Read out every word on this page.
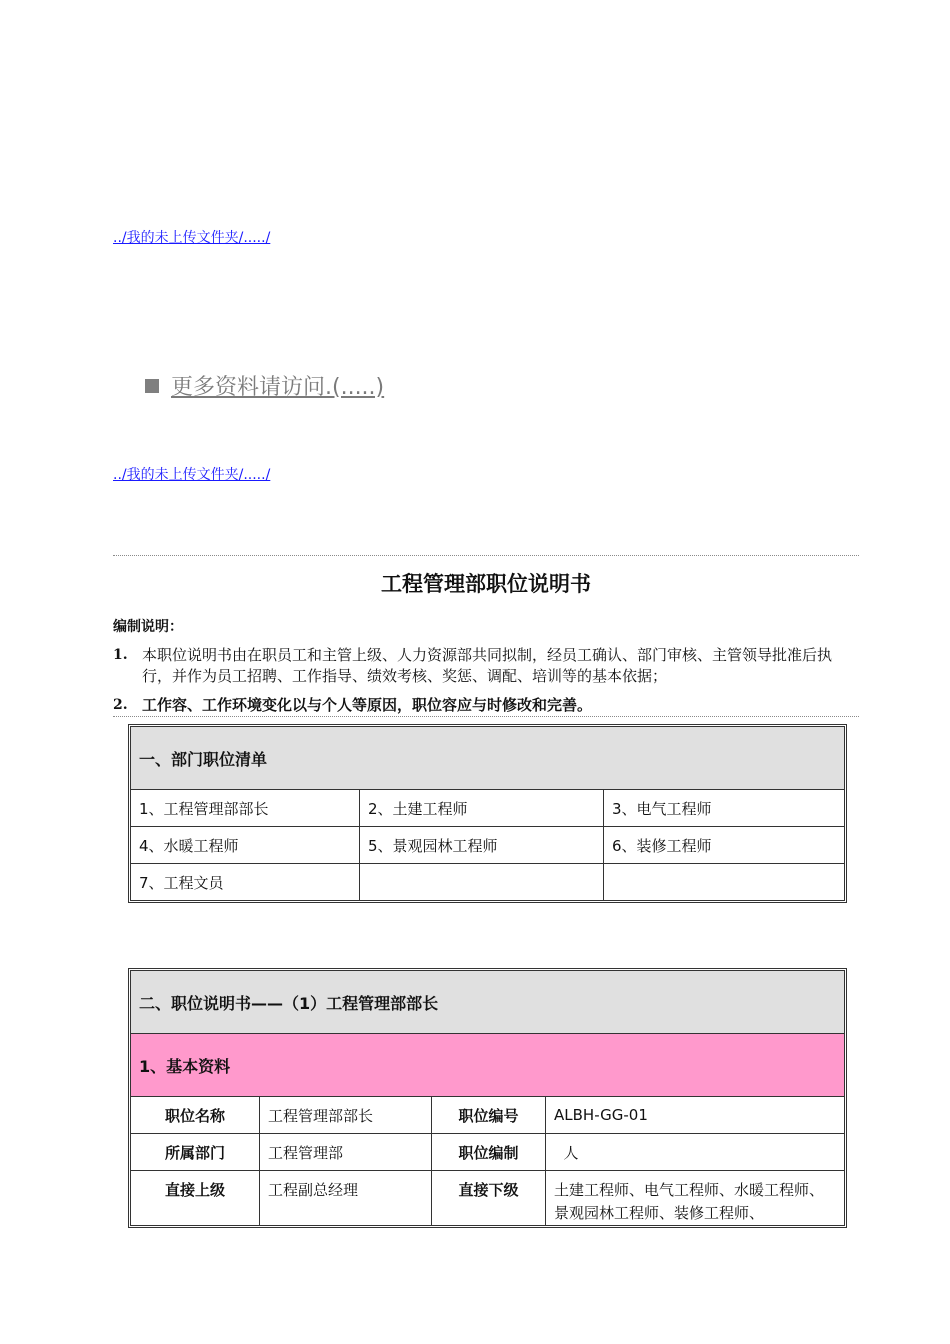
../我的未上传文件夹/...../
更多资料请访问.(.....)
../我的未上传文件夹/...../
工程管理部职位说明书
编制说明：
1. 本职位说明书由在职员工和主管上级、人力资源部共同拟制，经员工确认、部门审核、主管领导批准后执行，并作为员工招聘、工作指导、绩效考核、奖惩、调配、培训等的基本依据；
2. 工作容、工作环境变化以与个人等原因，职位容应与时修改和完善。
一、部门职位清单		
1、工程管理部部长	2、土建工程师	3、电气工程师
4、水暖工程师	5、景观园林工程师	6、装修工程师
7、工程文员		
二、职位说明书——（1）工程管理部部长			
1、基本资料			
职位名称	工程管理部部长	职位编号	ALBH-GG-01
所属部门	工程管理部	职位编制	人
直接上级	工程副总经理	直接下级	土建工程师、电气工程师、水暖工程师、景观园林工程师、装修工程师、
